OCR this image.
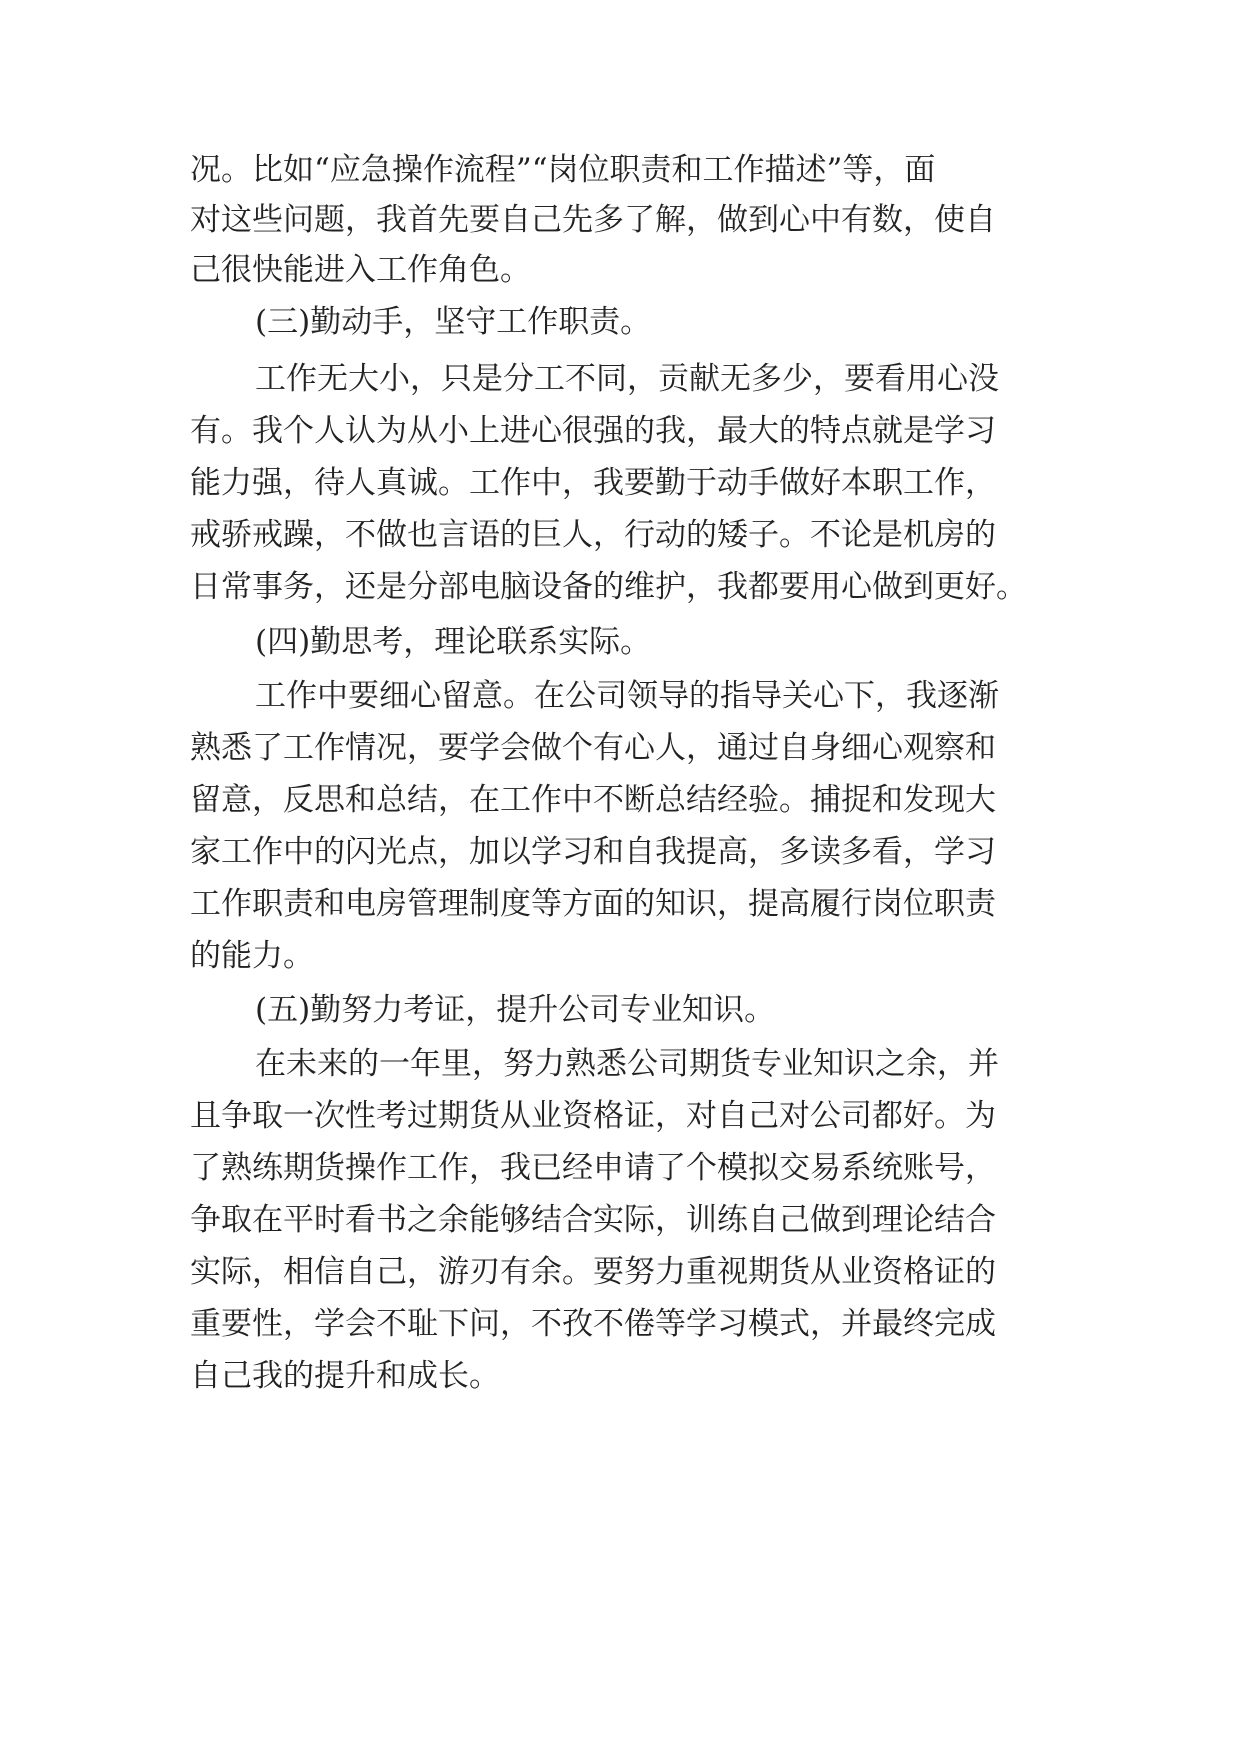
况。比如“应急操作流程”“岗位职责和工作描述”等，面
对这些问题，我首先要自己先多了解，做到心中有数，使自
己很快能进入工作角色。
(三)勤动手，坚守工作职责。
工作无大小，只是分工不同，贡献无多少，要看用心没
有。我个人认为从小上进心很强的我，最大的特点就是学习
能力强，待人真诚。工作中，我要勤于动手做好本职工作，
戒骄戒躁，不做也言语的巨人，行动的矮子。不论是机房的
日常事务，还是分部电脑设备的维护，我都要用心做到更好。
(四)勤思考，理论联系实际。
工作中要细心留意。在公司领导的指导关心下，我逐渐
熟悉了工作情况，要学会做个有心人，通过自身细心观察和
留意，反思和总结，在工作中不断总结经验。捕捉和发现大
家工作中的闪光点，加以学习和自我提高，多读多看，学习
工作职责和电房管理制度等方面的知识，提高履行岗位职责
的能力。
(五)勤努力考证，提升公司专业知识。
在未来的一年里，努力熟悉公司期货专业知识之余，并
且争取一次性考过期货从业资格证，对自己对公司都好。为
了熟练期货操作工作，我已经申请了个模拟交易系统账号，
争取在平时看书之余能够结合实际，训练自己做到理论结合
实际，相信自己，游刃有余。要努力重视期货从业资格证的
重要性，学会不耻下问，不孜不倦等学习模式，并最终完成
自己我的提升和成长。
